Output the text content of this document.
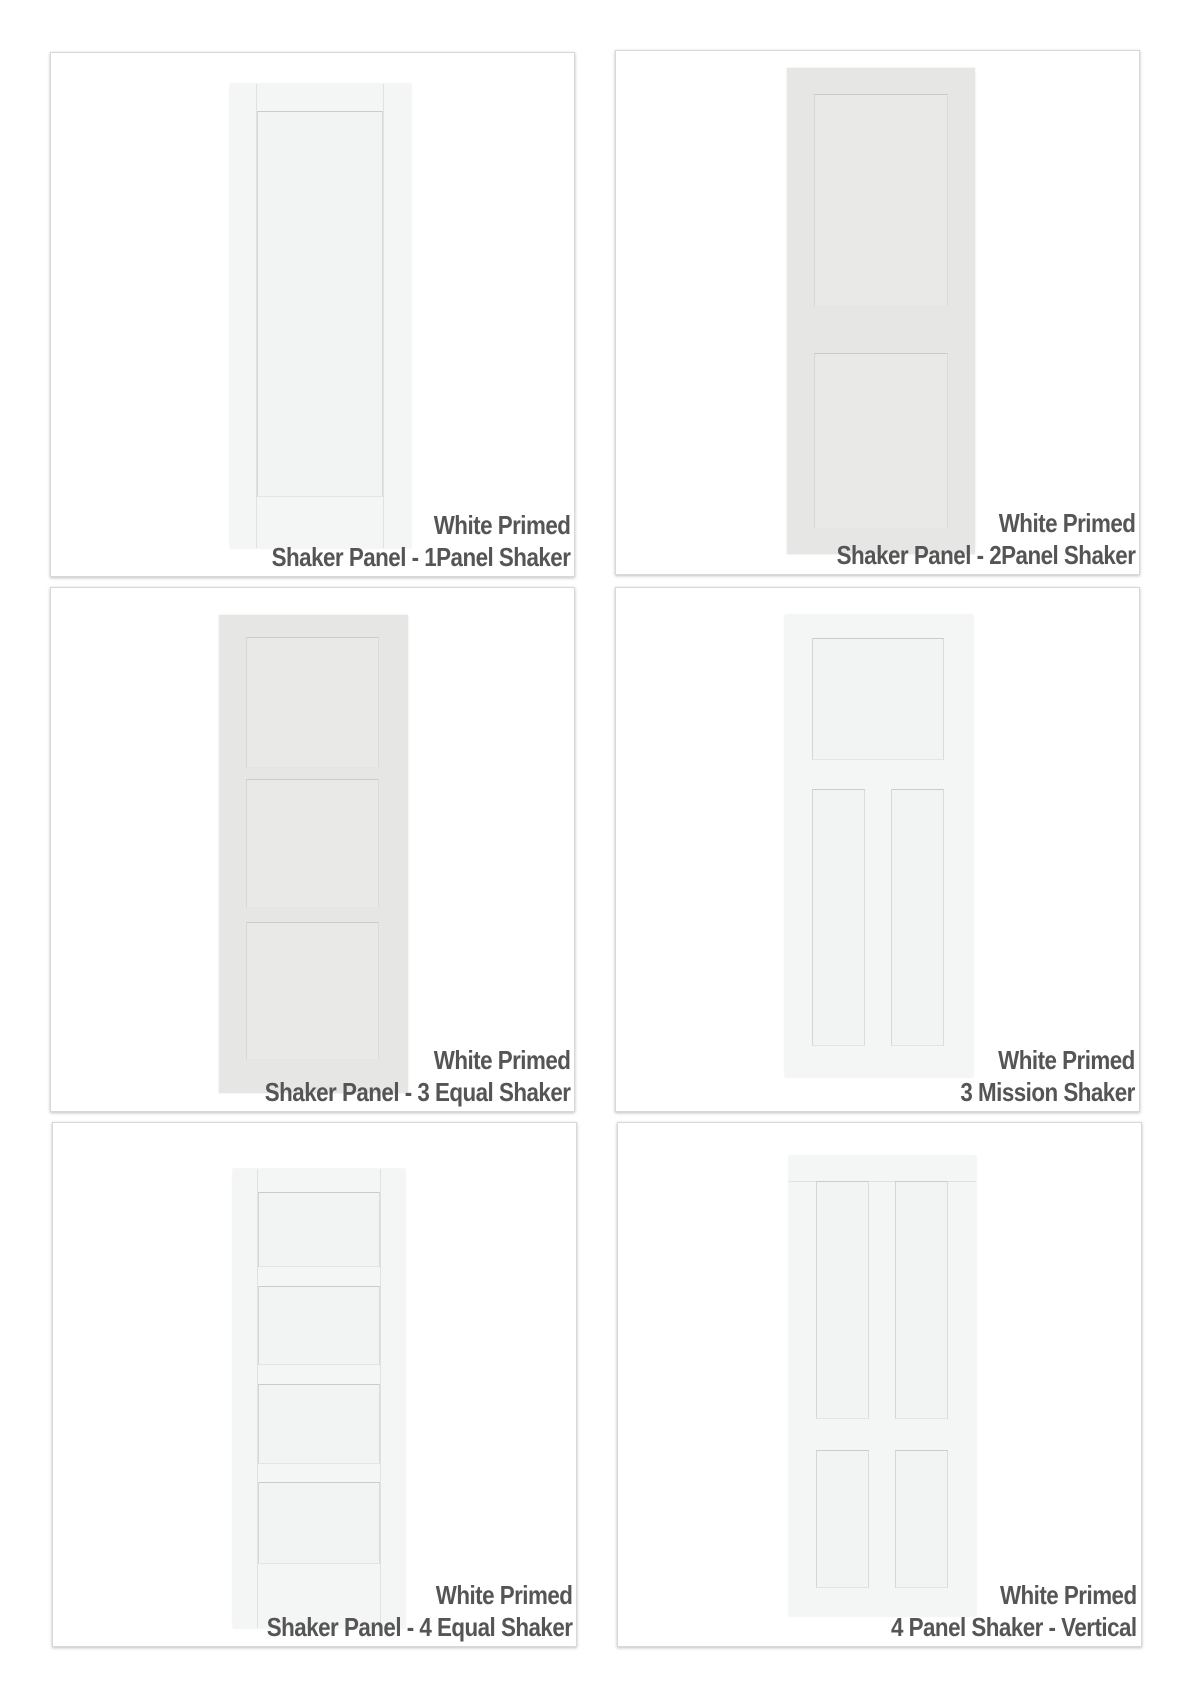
White Primed
Shaker Panel - 1Panel Shaker
White Primed
Shaker Panel - 2Panel Shaker
White Primed
Shaker Panel - 3 Equal Shaker
White Primed
3 Mission Shaker
White Primed
Shaker Panel - 4 Equal Shaker
White Primed
4 Panel Shaker - Vertical
